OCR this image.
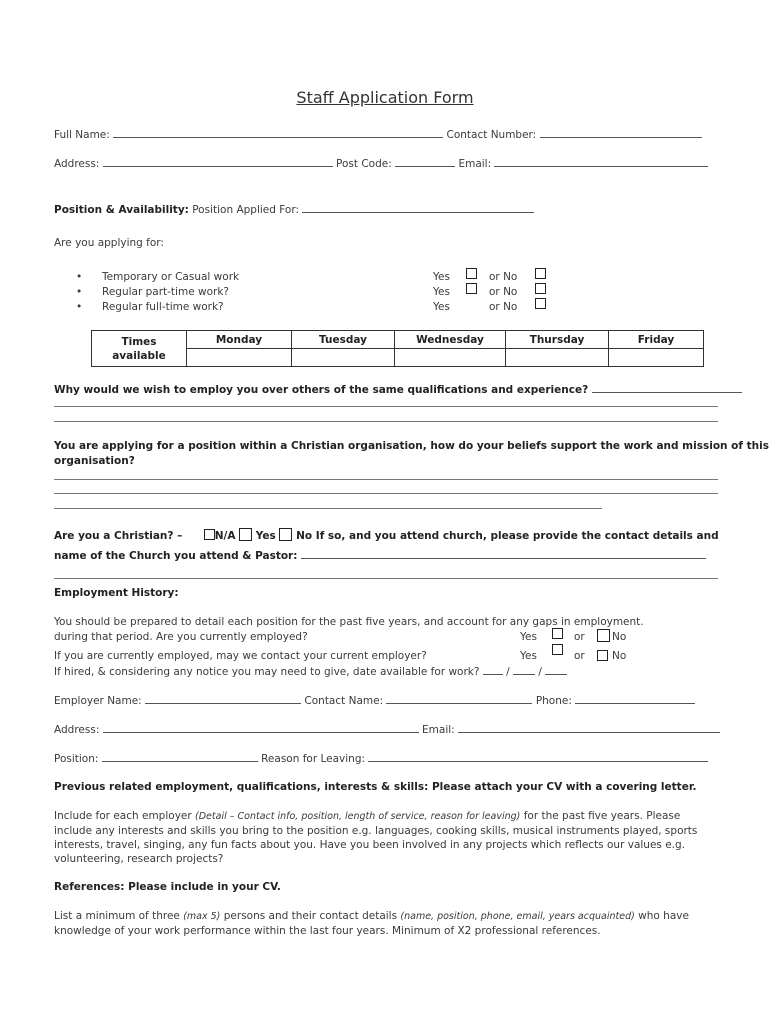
Staff Application Form
Full Name:	Contact Number:
Address:	Post Code:	Email:
Position & Availability: Position Applied For:
Are you applying for:
• Temporary or Casual work	Yes	or No
• Regular part-time work?	Yes	or No
• Regular full-time work?	Yes	or No
Times
available	Monday	Tuesday	Wednesday	Thursday	Friday

Why would we wish to employ you over others of the same qualifications and experience?
You are applying for a position within a Christian organisation, how do your beliefs support the work and mission of this
organisation?
Are you a Christian? –	N/A Yes No If so, and you attend church, please provide the contact details and
name of the Church you attend & Pastor:
Employment History:
You should be prepared to detail each position for the past five years, and account for any gaps in employment.
during that period. Are you currently employed?	Yes	or	No
If you are currently employed, may we contact your current employer?	Yes	or	No
If hired, & considering any notice you may need to give, date available for work?	/	/
Employer Name:	Contact Name:	Phone:
Address:	Email:
Position:	Reason for Leaving:
Previous related employment, qualifications, interests & skills: Please attach your CV with a covering letter.
Include for each employer (Detail – Contact info, position, length of service, reason for leaving) for the past five years. Please
include any interests and skills you bring to the position e.g. languages, cooking skills, musical instruments played, sports
interests, travel, singing, any fun facts about you. Have you been involved in any projects which reflects our values e.g.
volunteering, research projects?
References: Please include in your CV.
List a minimum of three (max 5) persons and their contact details (name, position, phone, email, years acquainted) who have
knowledge of your work performance within the last four years. Minimum of X2 professional references.
